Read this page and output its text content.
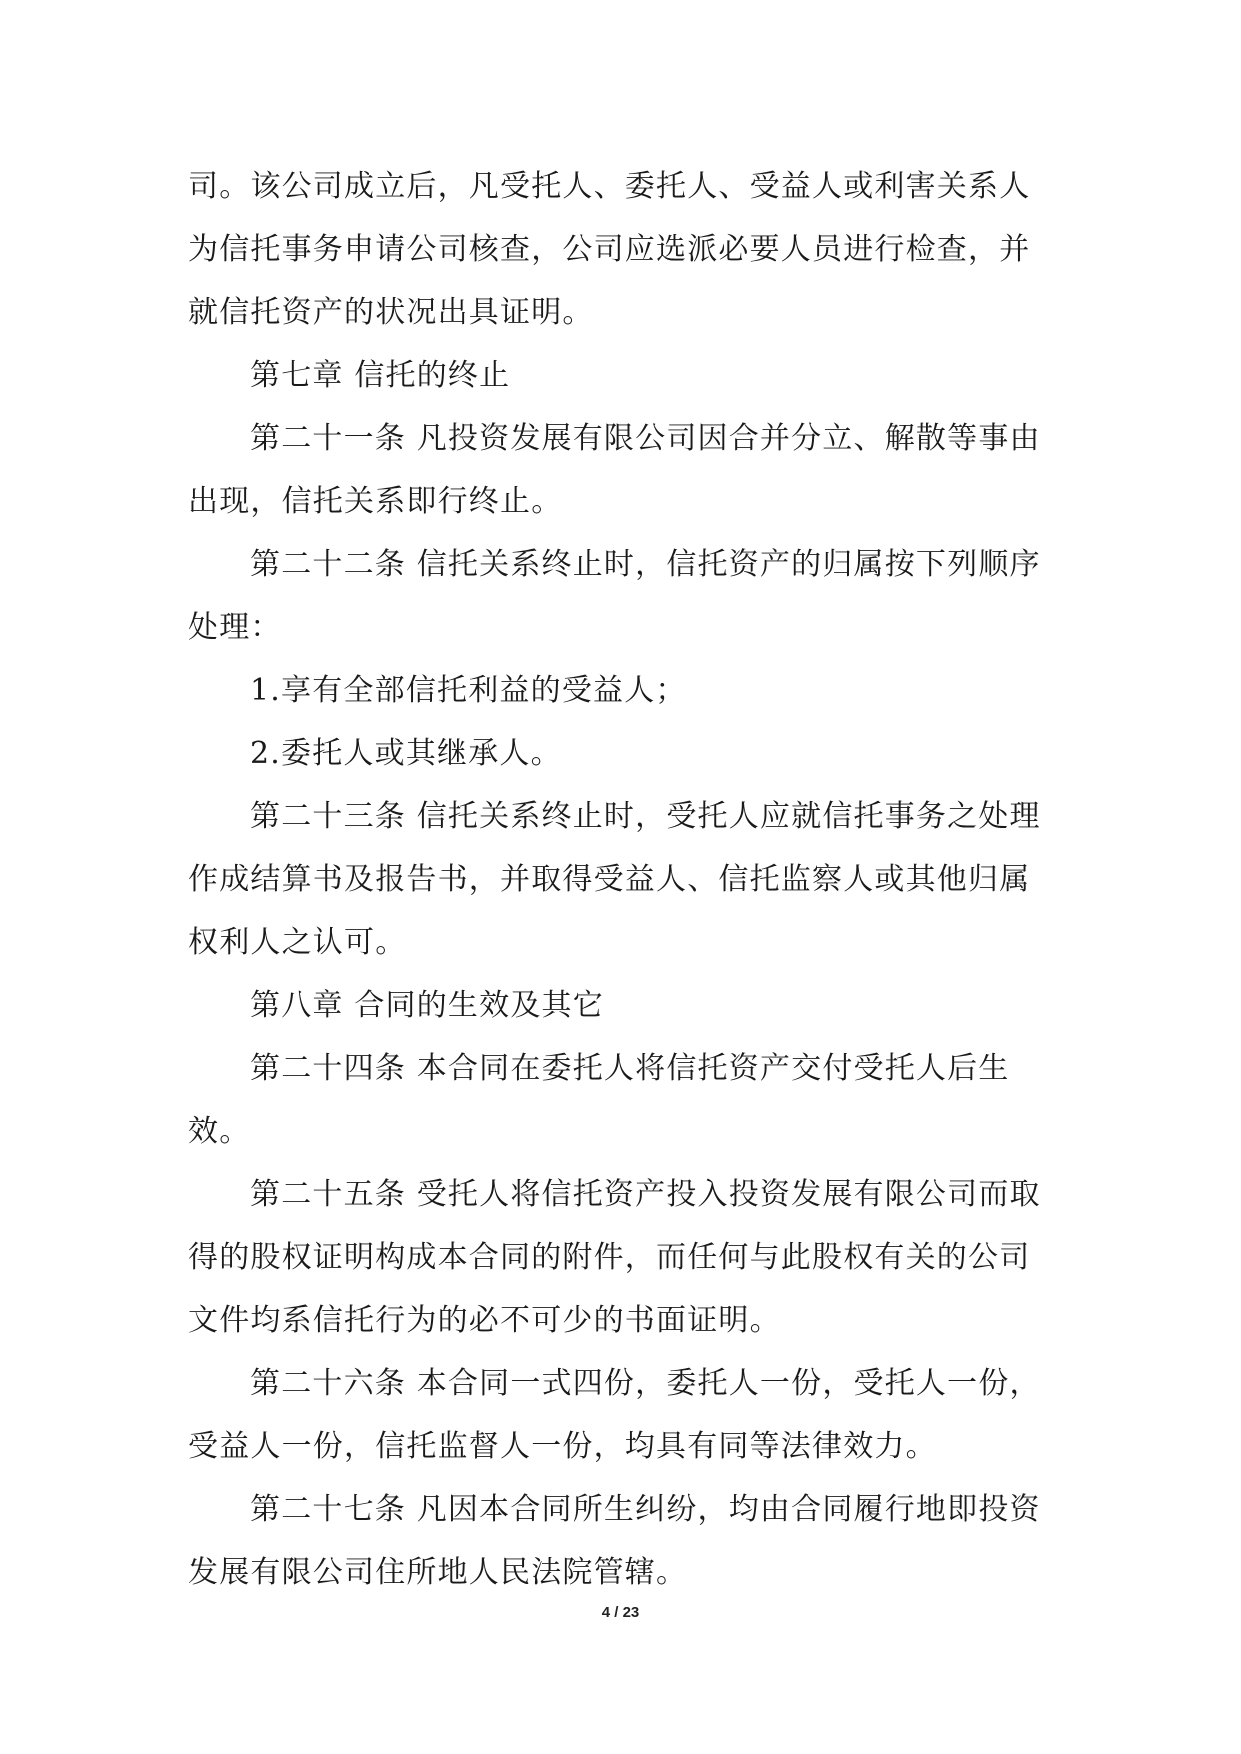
司。该公司成立后，凡受托人、委托人、受益人或利害关系人为信托事务申请公司核查，公司应选派必要人员进行检查，并就信托资产的状况出具证明。

第七章 信托的终止

第二十一条 凡投资发展有限公司因合并分立、解散等事由出现，信托关系即行终止。

第二十二条 信托关系终止时，信托资产的归属按下列顺序处理：

1.享有全部信托利益的受益人；

2.委托人或其继承人。

第二十三条 信托关系终止时，受托人应就信托事务之处理作成结算书及报告书，并取得受益人、信托监察人或其他归属权利人之认可。

第八章 合同的生效及其它

第二十四条 本合同在委托人将信托资产交付受托人后生效。

第二十五条 受托人将信托资产投入投资发展有限公司而取得的股权证明构成本合同的附件，而任何与此股权有关的公司文件均系信托行为的必不可少的书面证明。

第二十六条 本合同一式四份，委托人一份，受托人一份，受益人一份，信托监督人一份，均具有同等法律效力。

第二十七条 凡因本合同所生纠纷，均由合同履行地即投资发展有限公司住所地人民法院管辖。

4 / 23
